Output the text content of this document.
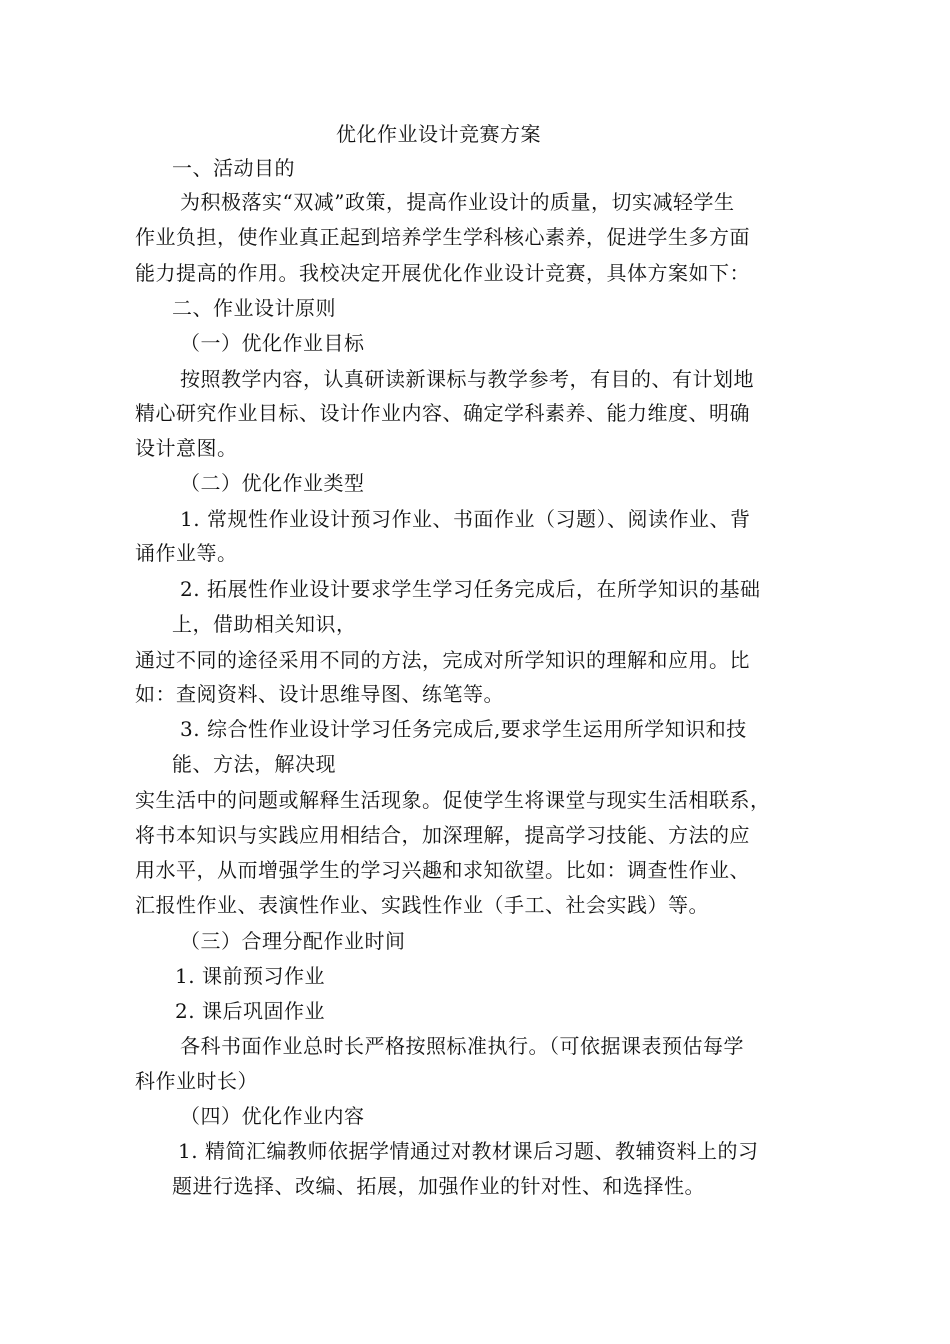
优化作业设计竞赛方案
一、活动目的
为积极落实“双减”政策，提高作业设计的质量，切实减轻学生
作业负担，使作业真正起到培养学生学科核心素养，促进学生多方面
能力提高的作用。我校决定开展优化作业设计竞赛，具体方案如下：
二、作业设计原则
（一）优化作业目标
按照教学内容，认真研读新课标与教学参考，有目的、有计划地
精心研究作业目标、设计作业内容、确定学科素养、能力维度、明确
设计意图。
（二）优化作业类型
1. 常规性作业设计预习作业、书面作业（习题）、阅读作业、背
诵作业等。
2. 拓展性作业设计要求学生学习任务完成后，在所学知识的基础
上，借助相关知识，
通过不同的途径采用不同的方法，完成对所学知识的理解和应用。比
如：查阅资料、设计思维导图、练笔等。
3. 综合性作业设计学习任务完成后,要求学生运用所学知识和技
能、方法，解决现
实生活中的问题或解释生活现象。促使学生将课堂与现实生活相联系，
将书本知识与实践应用相结合，加深理解，提高学习技能、方法的应
用水平，从而增强学生的学习兴趣和求知欲望。比如：调查性作业、
汇报性作业、表演性作业、实践性作业（手工、社会实践）等。
（三）合理分配作业时间
1. 课前预习作业
2. 课后巩固作业
各科书面作业总时长严格按照标准执行。（可依据课表预估每学
科作业时长）
（四）优化作业内容
1. 精简汇编教师依据学情通过对教材课后习题、教辅资料上的习
题进行选择、改编、拓展，加强作业的针对性、和选择性。
